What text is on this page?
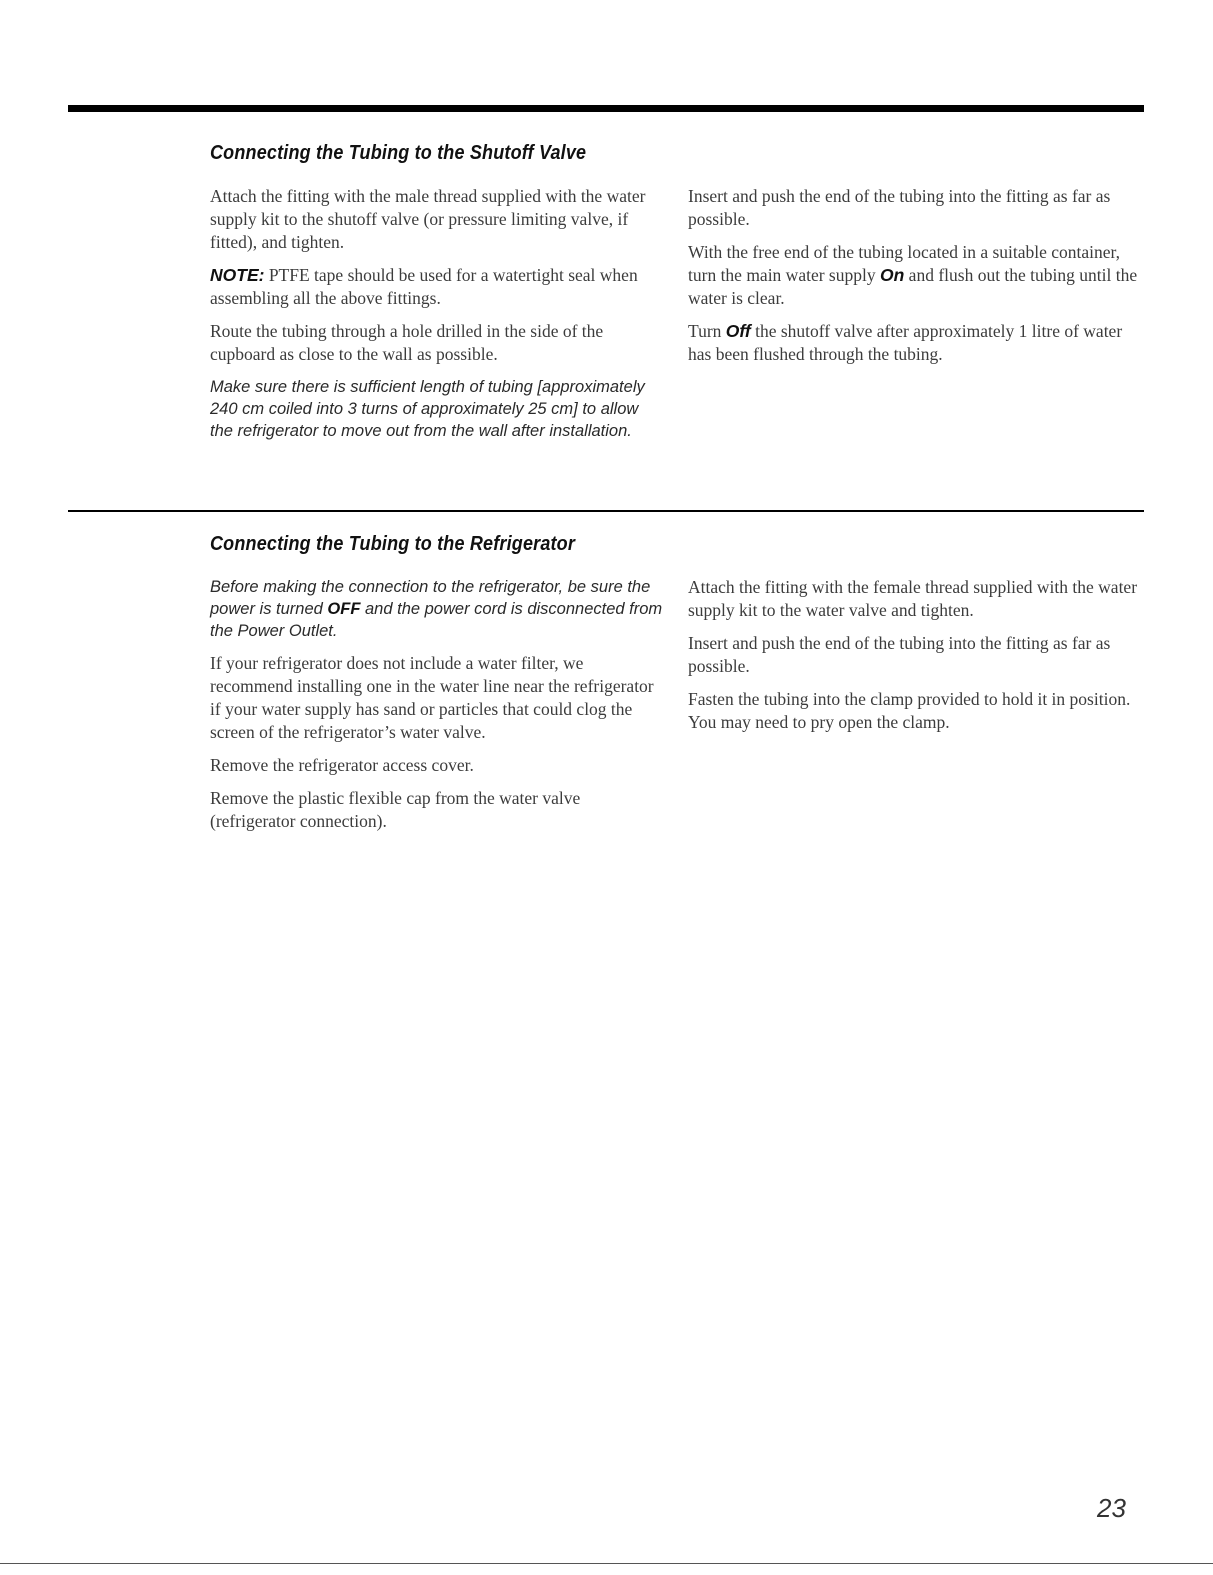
Connecting the Tubing to the Shutoff Valve

Attach the fitting with the male thread supplied with the water supply kit to the shutoff valve (or pressure limiting valve, if fitted), and tighten.

NOTE: PTFE tape should be used for a watertight seal when assembling all the above fittings.

Route the tubing through a hole drilled in the side of the cupboard as close to the wall as possible.

Make sure there is sufficient length of tubing [approximately 240 cm coiled into 3 turns of approximately 25 cm] to allow the refrigerator to move out from the wall after installation.

Insert and push the end of the tubing into the fitting as far as possible.

With the free end of the tubing located in a suitable container, turn the main water supply On and flush out the tubing until the water is clear.

Turn Off the shutoff valve after approximately 1 litre of water has been flushed through the tubing.

Connecting the Tubing to the Refrigerator

Before making the connection to the refrigerator, be sure the power is turned OFF and the power cord is disconnected from the Power Outlet.

If your refrigerator does not include a water filter, we recommend installing one in the water line near the refrigerator if your water supply has sand or particles that could clog the screen of the refrigerator’s water valve.

Remove the refrigerator access cover.

Remove the plastic flexible cap from the water valve (refrigerator connection).

Attach the fitting with the female thread supplied with the water supply kit to the water valve and tighten.

Insert and push the end of the tubing into the fitting as far as possible.

Fasten the tubing into the clamp provided to hold it in position. You may need to pry open the clamp.

23
